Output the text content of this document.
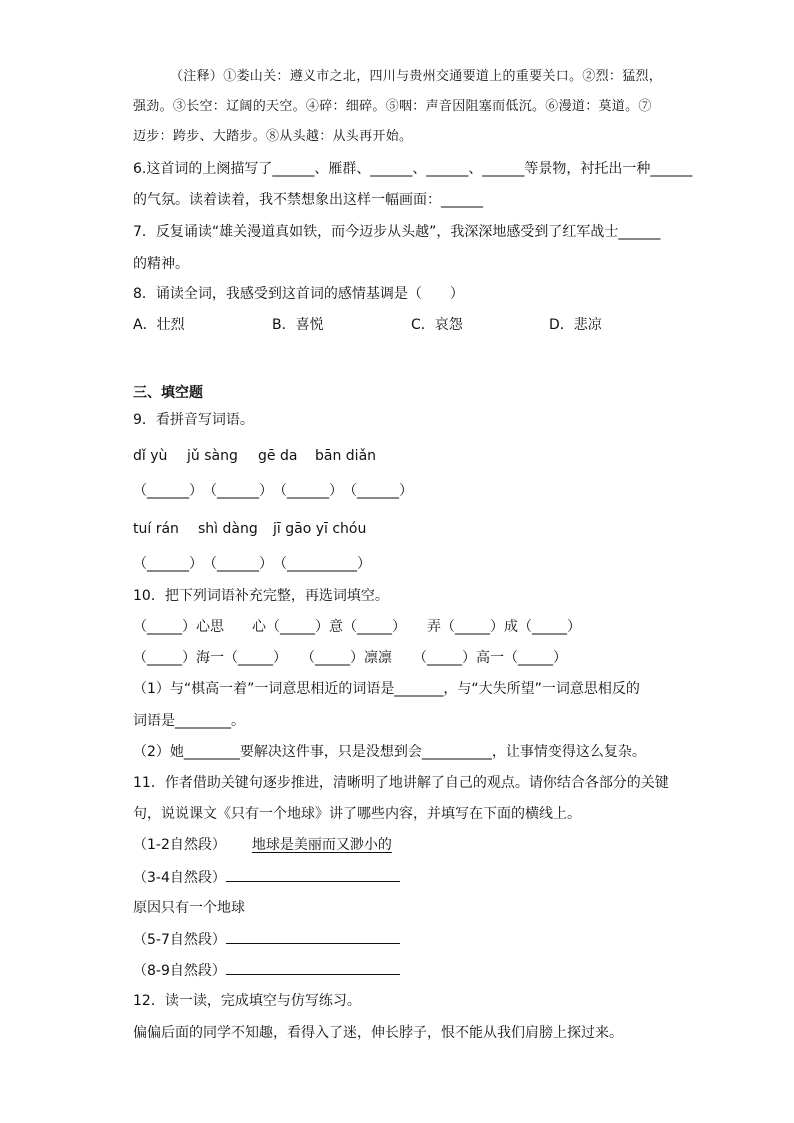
（注释）①娄山关：遵义市之北，四川与贵州交通要道上的重要关口。②烈：猛烈，
强劲。③长空：辽阔的天空。④碎：细碎。⑤咽：声音因阻塞而低沉。⑥漫道：莫道。⑦
迈步：跨步、大踏步。⑧从头越：从头再开始。
6.这首词的上阕描写了______、雁群、______、______、______等景物，衬托出一种______
的气氛。读着读着，我不禁想象出这样一幅画面：______
7．反复诵读“雄关漫道真如铁，而今迈步从头越”，我深深地感受到了红军战士______
的精神。
8．诵读全词，我感受到这首词的感情基调是（　　）
A．壮烈	B．喜悦	C．哀怨	D．悲凉
三、填空题
9．看拼音写词语。
dǐ yù jǔ sàng gē da bān diǎn
（______）　（______）　（______）　（______）
tuí rán shì dàng jī gāo yī chóu
（______）　（______）　（__________）
10．把下列词语补充完整，再选词填空。
（_____）心思　　心（_____）意（_____）　　弄（_____）成（_____）
（_____）海一（_____）　　（_____）凛凛　　（_____）高一（_____）
（1）与“棋高一着”一词意思相近的词语是_______，与“大失所望”一词意思相反的
词语是________。
（2）她________要解决这件事，只是没想到会__________，让事情变得这么复杂。
11．作者借助关键句逐步推进，清晰明了地讲解了自己的观点。请你结合各部分的关键
句，说说课文《只有一个地球》讲了哪些内容，并填写在下面的横线上。
（1-2自然段） 地球是美丽而又渺小的
（3-4自然段）
原因只有一个地球
（5-7自然段）
（8-9自然段）
12．读一读，完成填空与仿写练习。
偏偏后面的同学不知趣，看得入了迷，伸长脖子，恨不能从我们肩膀上探过来。
